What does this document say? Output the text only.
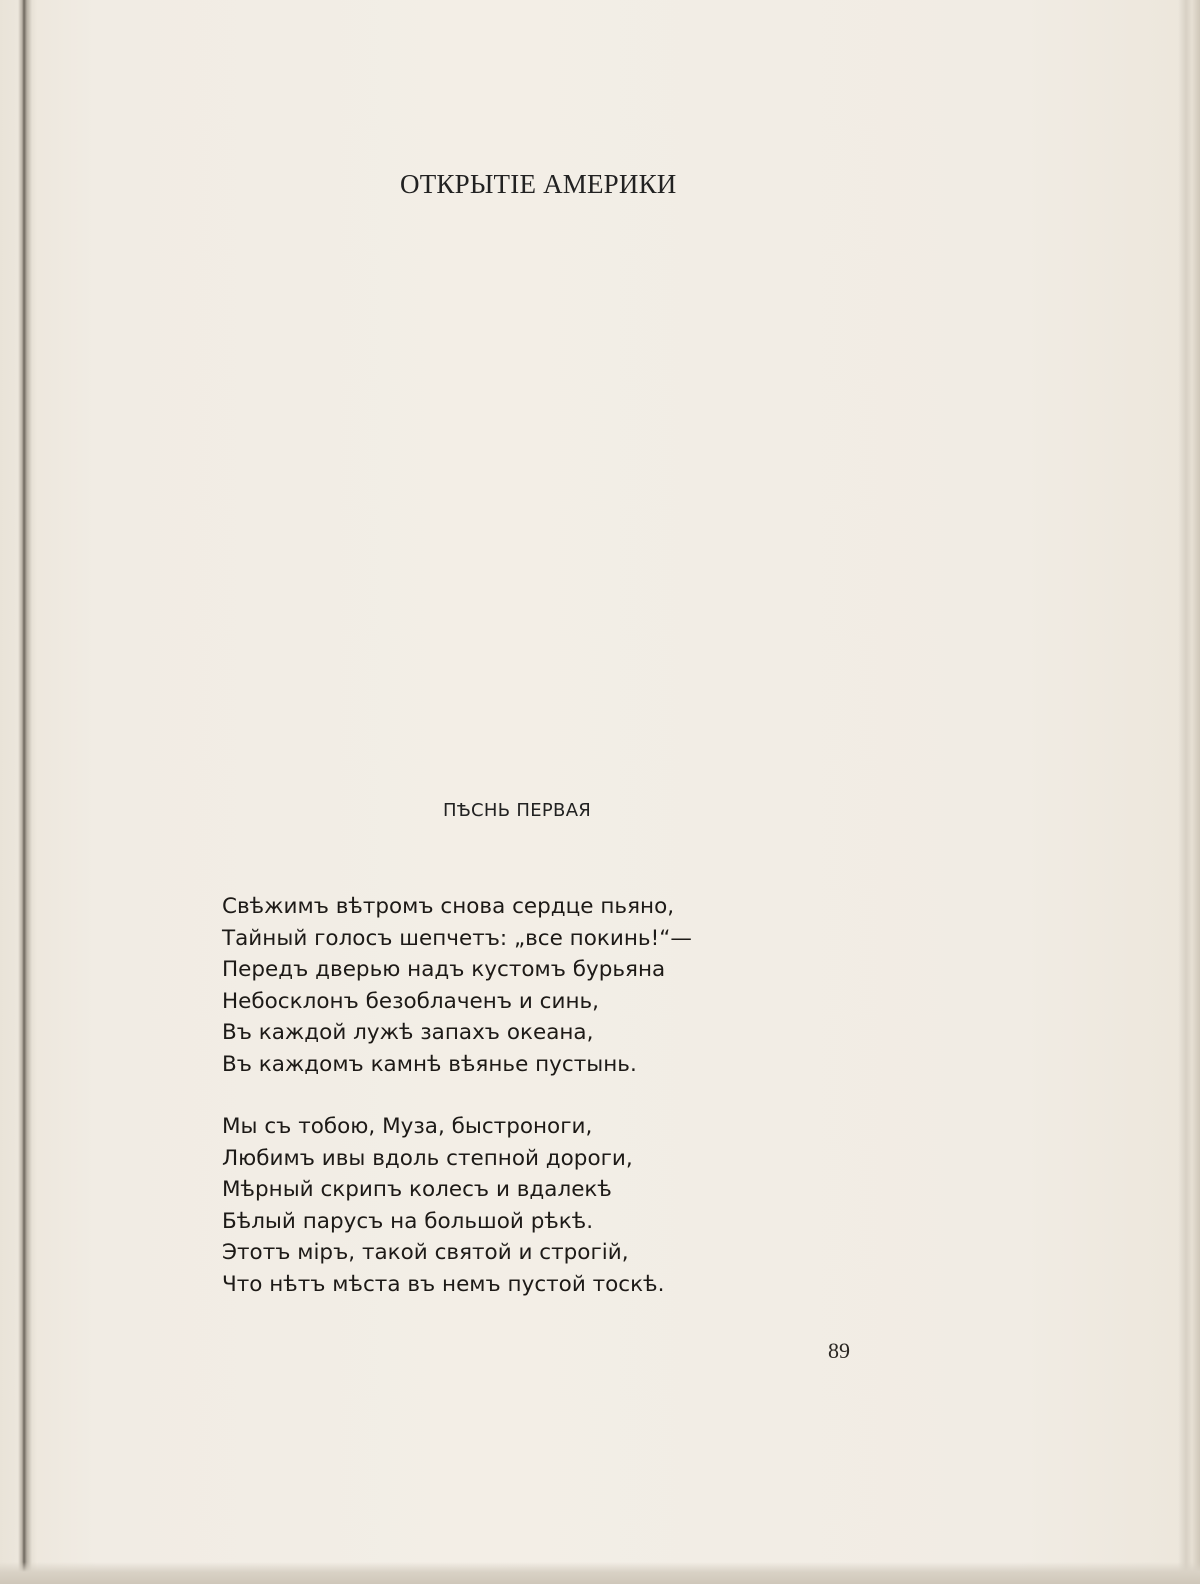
ОТКРЫТІЕ АМЕРИКИ
ПѢСНЬ ПЕРВАЯ
Свѣжимъ вѣтромъ снова сердце пьяно,
Тайный голосъ шепчетъ: „все покинь!“—
Передъ дверью надъ кустомъ бурьяна
Небосклонъ безоблаченъ и синь,
Въ каждой лужѣ запахъ океана,
Въ каждомъ камнѣ вѣянье пустынь.
Мы съ тобою, Муза, быстроноги,
Любимъ ивы вдоль степной дороги,
Мѣрный скрипъ колесъ и вдалекѣ
Бѣлый парусъ на большой рѣкѣ.
Этотъ міръ, такой святой и строгій,
Что нѣтъ мѣста въ немъ пустой тоскѣ.
89
